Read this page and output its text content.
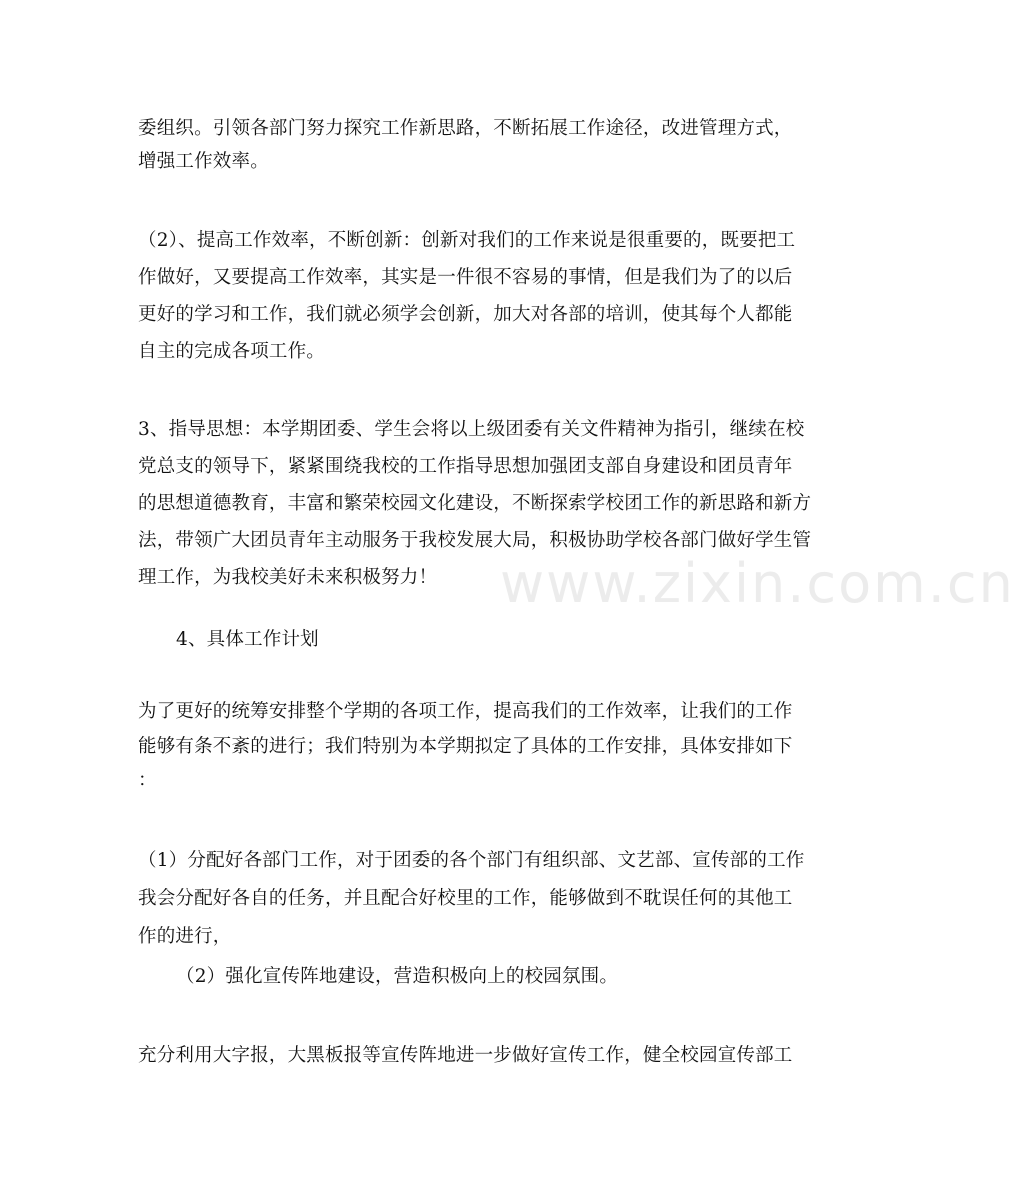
www.zixin.com.cn
委组织。引领各部门努力探究工作新思路，不断拓展工作途径，改进管理方式，
增强工作效率。
（2）、提高工作效率，不断创新：创新对我们的工作来说是很重要的，既要把工
作做好，又要提高工作效率，其实是一件很不容易的事情，但是我们为了的以后
更好的学习和工作，我们就必须学会创新，加大对各部的培训，使其每个人都能
自主的完成各项工作。
3、指导思想：本学期团委、学生会将以上级团委有关文件精神为指引，继续在校
党总支的领导下，紧紧围绕我校的工作指导思想加强团支部自身建设和团员青年
的思想道德教育，丰富和繁荣校园文化建设，不断探索学校团工作的新思路和新方
法，带领广大团员青年主动服务于我校发展大局，积极协助学校各部门做好学生管
理工作，为我校美好未来积极努力！
4、具体工作计划
为了更好的统筹安排整个学期的各项工作，提高我们的工作效率，让我们的工作
能够有条不紊的进行；我们特别为本学期拟定了具体的工作安排，具体安排如下
：
（1）分配好各部门工作，对于团委的各个部门有组织部、文艺部、宣传部的工作
我会分配好各自的任务，并且配合好校里的工作，能够做到不耽误任何的其他工
作的进行，
（2）强化宣传阵地建设，营造积极向上的校园氛围。
充分利用大字报，大黑板报等宣传阵地进一步做好宣传工作，健全校园宣传部工
